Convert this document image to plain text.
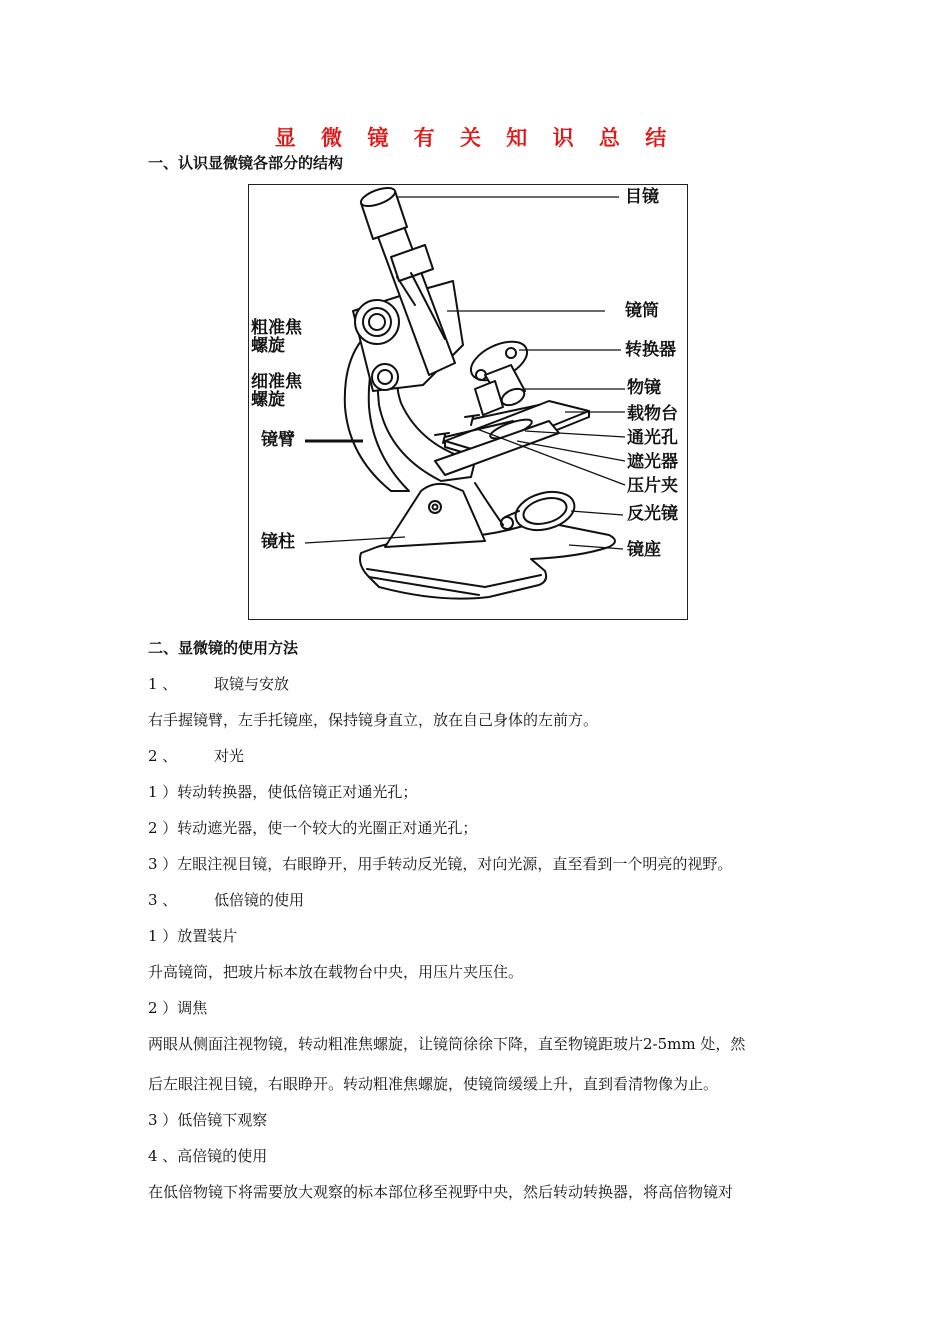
显 微 镜 有 关 知 识 总 结
一、认识显微镜各部分的结构
目镜
镜筒
粗准焦
螺旋	转换器
细准焦
螺旋
物镜
载物台
镜臂	通光孔
遮光器
压片夹
反光镜
镜柱	镜座
二、显微镜的使用方法
1 、 取镜与安放
右手握镜臂，左手托镜座，保持镜身直立，放在自己身体的左前方。
2 、 对光
1 ）转动转换器，使低倍镜正对通光孔；
2 ）转动遮光器，使一个较大的光圈正对通光孔；
3 ）左眼注视目镜，右眼睁开，用手转动反光镜，对向光源，直至看到一个明亮的视野。
3 、 低倍镜的使用
1 ）放置装片
升高镜筒，把玻片标本放在载物台中央，用压片夹压住。
2 ）调焦
两眼从侧面注视物镜，转动粗准焦螺旋，让镜筒徐徐下降，直至物镜距玻片2-5mm 处，然
后左眼注视目镜，右眼睁开。转动粗准焦螺旋，使镜筒缓缓上升，直到看清物像为止。
3 ）低倍镜下观察
4 、高倍镜的使用
在低倍物镜下将需要放大观察的标本部位移至视野中央，然后转动转换器，将高倍物镜对
